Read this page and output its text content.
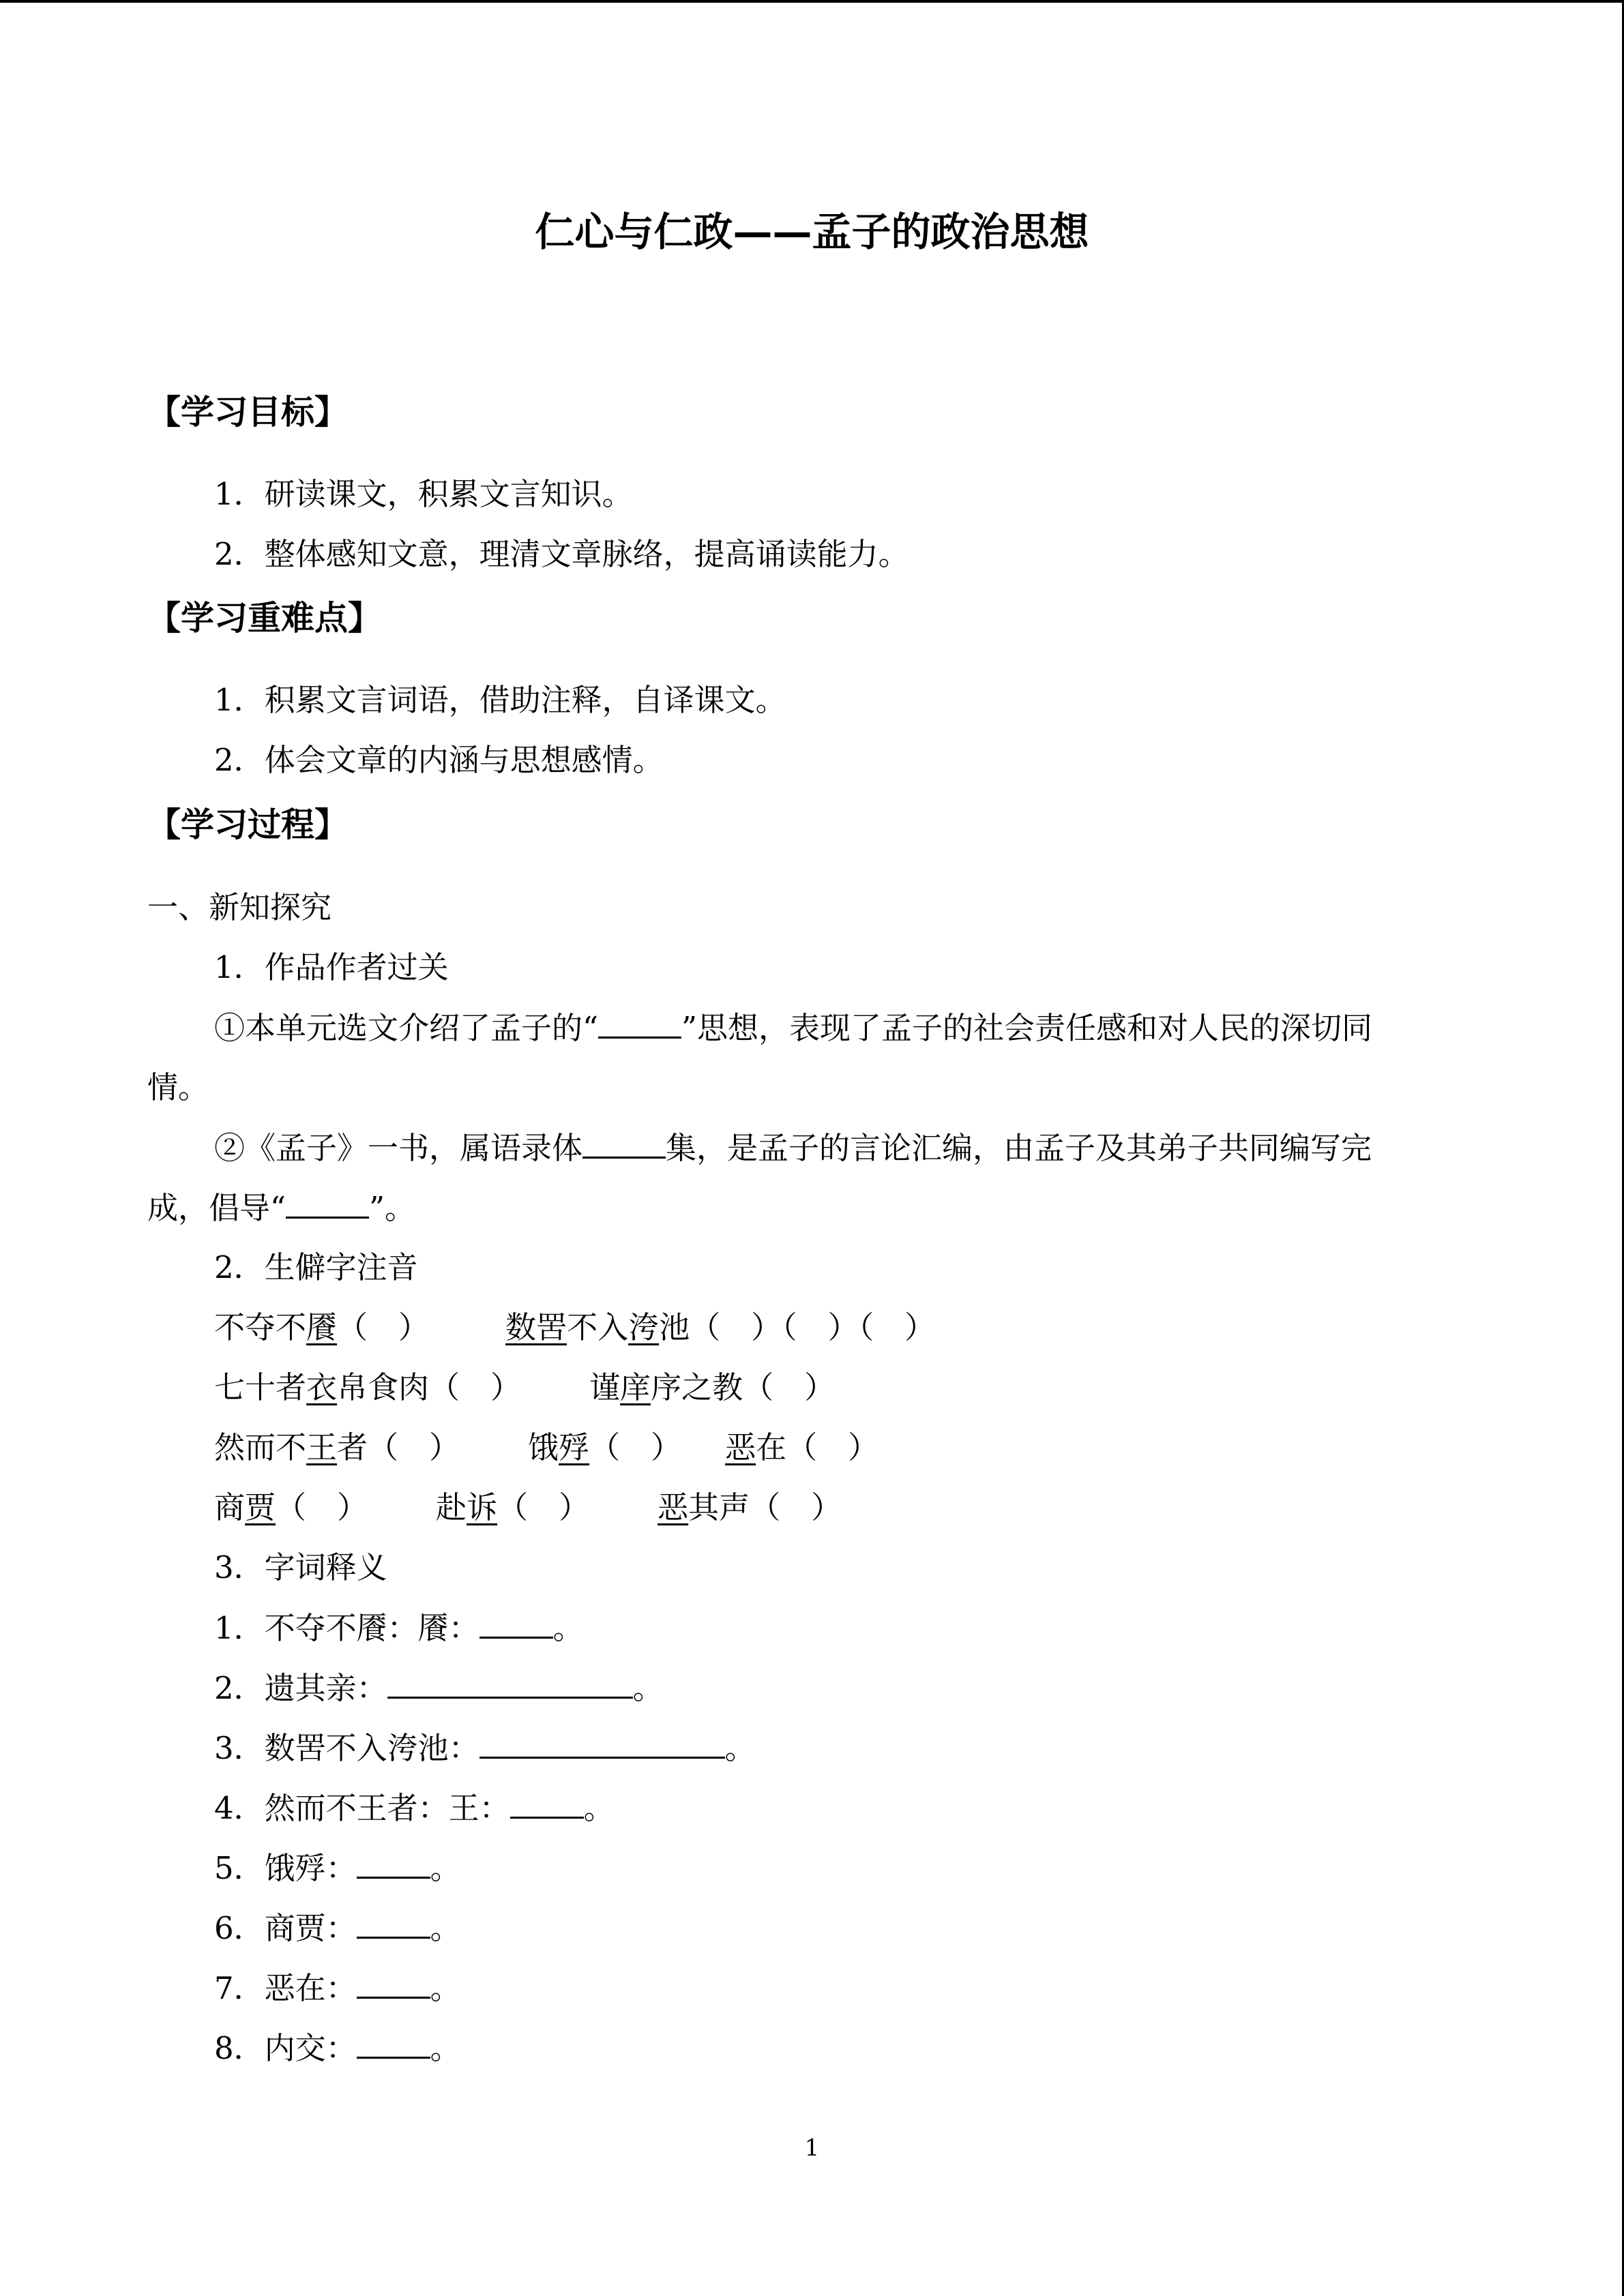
仁心与仁政——孟子的政治思想
【学习目标】
1．研读课文，积累文言知识。
2．整体感知文意，理清文章脉络，提高诵读能力。
【学习重难点】
1．积累文言词语，借助注释，自译课文。
2．体会文章的内涵与思想感情。
【学习过程】
一、新知探究
1．作品作者过关
①本单元选文介绍了孟子的“	”思想，表现了孟子的社会责任感和对人民的深切同
情。
②《孟子》一书，属语录体	集，是孟子的言论汇编，由孟子及其弟子共同编写完
成，倡导“	”。
2．生僻字注音
不夺不餍（　） 数罟不入洿池（　）（　）（　）
七十者衣帛食肉（　） 谨庠序之教（　）
然而不王者（　） 饿殍（　） 恶在（　）
商贾（　） 赴诉（　） 恶其声（　）
3．字词释义
1．不夺不餍：餍： 。
2．遗其亲：	。
3．数罟不入洿池：	。
4．然而不王者：王： 。
5．饿殍： 。
6．商贾： 。
7．恶在： 。
8．内交： 。
1
